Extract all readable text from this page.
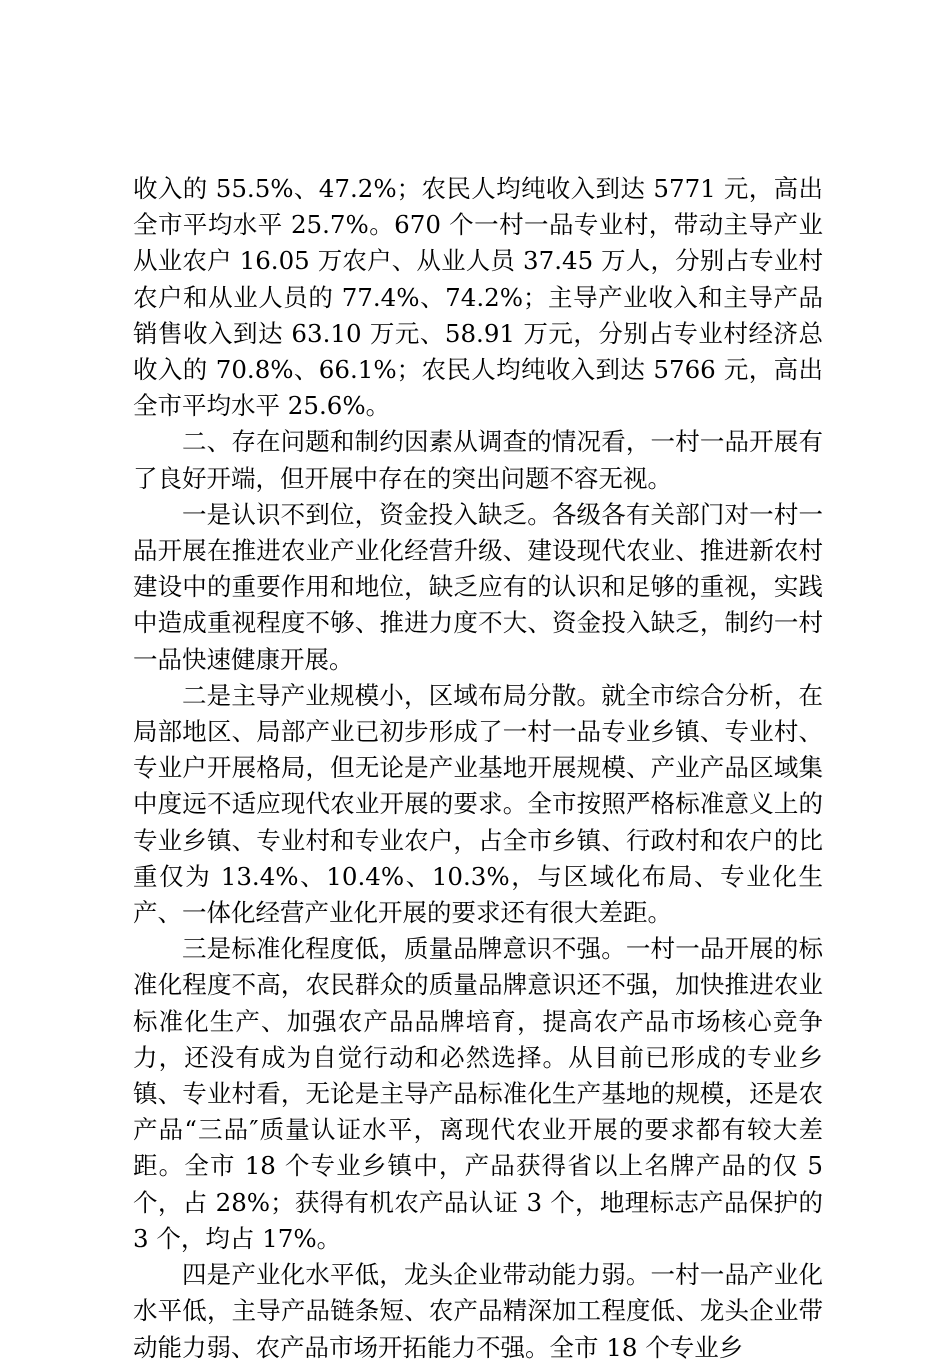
收入的 55.5%、47.2%；农民人均纯收入到达 5771 元，高出全市平均水平 25.7%。670 个一村一品专业村，带动主导产业从业农户 16.05 万农户、从业人员 37.45 万人，分别占专业村农户和从业人员的 77.4%、74.2%；主导产业收入和主导产品销售收入到达 63.10 万元、58.91 万元，分别占专业村经济总收入的 70.8%、66.1%；农民人均纯收入到达 5766 元，高出全市平均水平 25.6%。

二、存在问题和制约因素从调查的情况看，一村一品开展有了良好开端，但开展中存在的突出问题不容无视。

一是认识不到位，资金投入缺乏。各级各有关部门对一村一品开展在推进农业产业化经营升级、建设现代农业、推进新农村建设中的重要作用和地位，缺乏应有的认识和足够的重视，实践中造成重视程度不够、推进力度不大、资金投入缺乏，制约一村一品快速健康开展。

二是主导产业规模小，区域布局分散。就全市综合分析，在局部地区、局部产业已初步形成了一村一品专业乡镇、专业村、专业户开展格局，但无论是产业基地开展规模、产业产品区域集中度远不适应现代农业开展的要求。全市按照严格标准意义上的专业乡镇、专业村和专业农户，占全市乡镇、行政村和农户的比重仅为 13.4%、10.4%、10.3%，与区域化布局、专业化生产、一体化经营产业化开展的要求还有很大差距。

三是标准化程度低，质量品牌意识不强。一村一品开展的标准化程度不高，农民群众的质量品牌意识还不强，加快推进农业标准化生产、加强农产品品牌培育，提高农产品市场核心竞争力，还没有成为自觉行动和必然选择。从目前已形成的专业乡镇、专业村看，无论是主导产品标准化生产基地的规模，还是农产品“三品″质量认证水平，离现代农业开展的要求都有较大差距。全市 18 个专业乡镇中，产品获得省以上名牌产品的仅 5 个，占 28%；获得有机农产品认证 3 个，地理标志产品保护的 3 个，均占 17%。

四是产业化水平低，龙头企业带动能力弱。一村一品产业化水平低，主导产品链条短、农产品精深加工程度低、龙头企业带动能力弱、农产品市场开拓能力不强。全市 18 个专业乡
